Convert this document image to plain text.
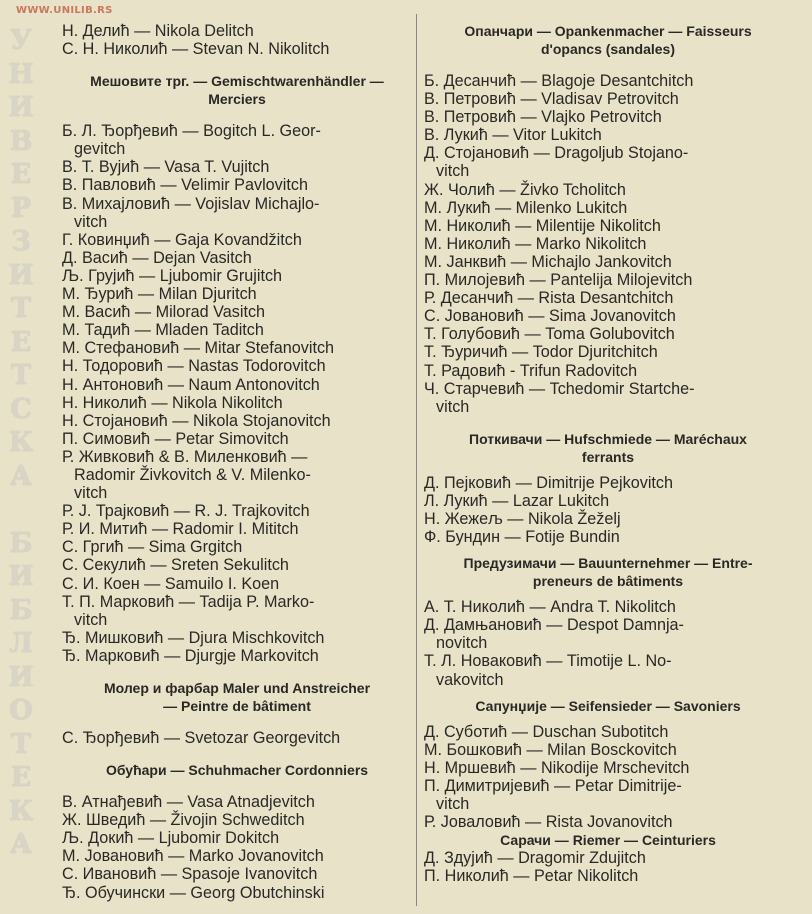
WWW.UNILIB.RS
У
Н
И
В
Е
Р
З
И
Т
Е
Т
С
К
А

Б
И
Б
Л
И
О
Т
Е
К
А
Н. Делић — Nikola Delitch
С. Н. Николић — Stevan N. Nikolitch
Мешовите трг. — Gemischtwarenhändler —
Merciers
Б. Л. Ђорђевић — Bogitch L. Geor-
gevitch
В. Т. Вујић — Vasa T. Vujitch
В. Павловић — Velimir Pavlovitch
В. Михајловић — Vojislav Michajlo-
vitch
Г. Ковинџић — Gaja Kovandžitch
Д. Васић — Dejan Vasitch
Љ. Грујић — Ljubomir Grujitch
М. Ђурић — Milan Djuritch
М. Васић — Milorad Vasitch
М. Тадић — Mladen Taditch
М. Стефановић — Mitar Stefanovitch
Н. Тодоровић — Nastas Todorovitch
Н. Антоновић — Naum Antonovitch
Н. Николић — Nikola Nikolitch
Н. Стојановић — Nikola Stojanovitch
П. Симовић — Petar Simovitch
Р. Живковић & В. Миленковић —
Radomir Živkovitch & V. Milenko-
vitch
Р. Ј. Трајковић — R. J. Trajkovitch
Р. И. Митић — Radomir I. Mititch
С. Гргић — Sima Grgitch
С. Секулић — Sreten Sekulitch
С. И. Коен — Samuilo I. Koen
Т. П. Марковић — Tadija P. Marko-
vitch
Ђ. Мишковић — Djura Mischkovitch
Ђ. Марковић — Djurgje Markovitch
Молер и фарбар Maler und Anstreicher
— Peintre de bâtiment
С. Ђорђевић — Svetozar Georgevitch
Обућари — Schuhmacher Cordonniers
В. Атнађевић — Vasa Atnadjevitch
Ж. Шведић — Živojin Schweditch
Љ. Докић — Ljubomir Dokitch
М. Јовановић — Marko Jovanovitch
С. Ивановић — Spasoje Ivanovitch
Ђ. Обучински — Georg Obutchinski
Опанчари — Opankenmacher — Faisseurs
d'opancs (sandales)
Б. Десанчић — Blagoje Desantchitch
В. Петровић — Vladisav Petrovitch
В. Петровић — Vlajko Petrovitch
В. Лукић — Vitor Lukitch
Д. Стојановић — Dragoljub Stojano-
vitch
Ж. Чолић — Živko Tcholitch
М. Лукић — Milenko Lukitch
М. Николић — Milentije Nikolitch
М. Николић — Marko Nikolitch
М. Јанквић — Michajlo Jankovitch
П. Милојевић — Pantelija Milojevitch
Р. Десанчић — Rista Desantchitch
С. Јовановић — Sima Jovanovitch
Т. Голубовић — Toma Golubovitch
Т. Ђуричић — Todor Djuritchitch
Т. Радовић - Trifun Radovitch
Ч. Старчевић — Tchedomir Startche-
vitch
Поткивачи — Hufschmiede — Maréchaux
ferrants
Д. Пејковић — Dimitrije Pejkovitch
Л. Лукић — Lazar Lukitch
Н. Жежељ — Nikola Žeželj
Ф. Бундин — Fotije Bundin
Предузимачи — Bauunternehmer — Entre-
preneurs de bâtiments
А. Т. Николић — Andra T. Nikolitch
Д. Дамњановић — Despot Damnja-
novitch
Т. Л. Новаковић — Timotije L. No-
vakovitch
Сапунџије — Seifensieder — Savoniers
Д. Суботић — Duschan Subotitch
М. Бошковић — Milan Bosckovitch
Н. Мршевић — Nikodije Mrschevitch
П. Димитријевић — Petar Dimitrije-
vitch
Р. Јоваловић — Rista Jovanovitch
Сарачи — Riemer — Ceinturiers
Д. Здујић — Dragomir Zdujitch
П. Николић — Petar Nikolitch
